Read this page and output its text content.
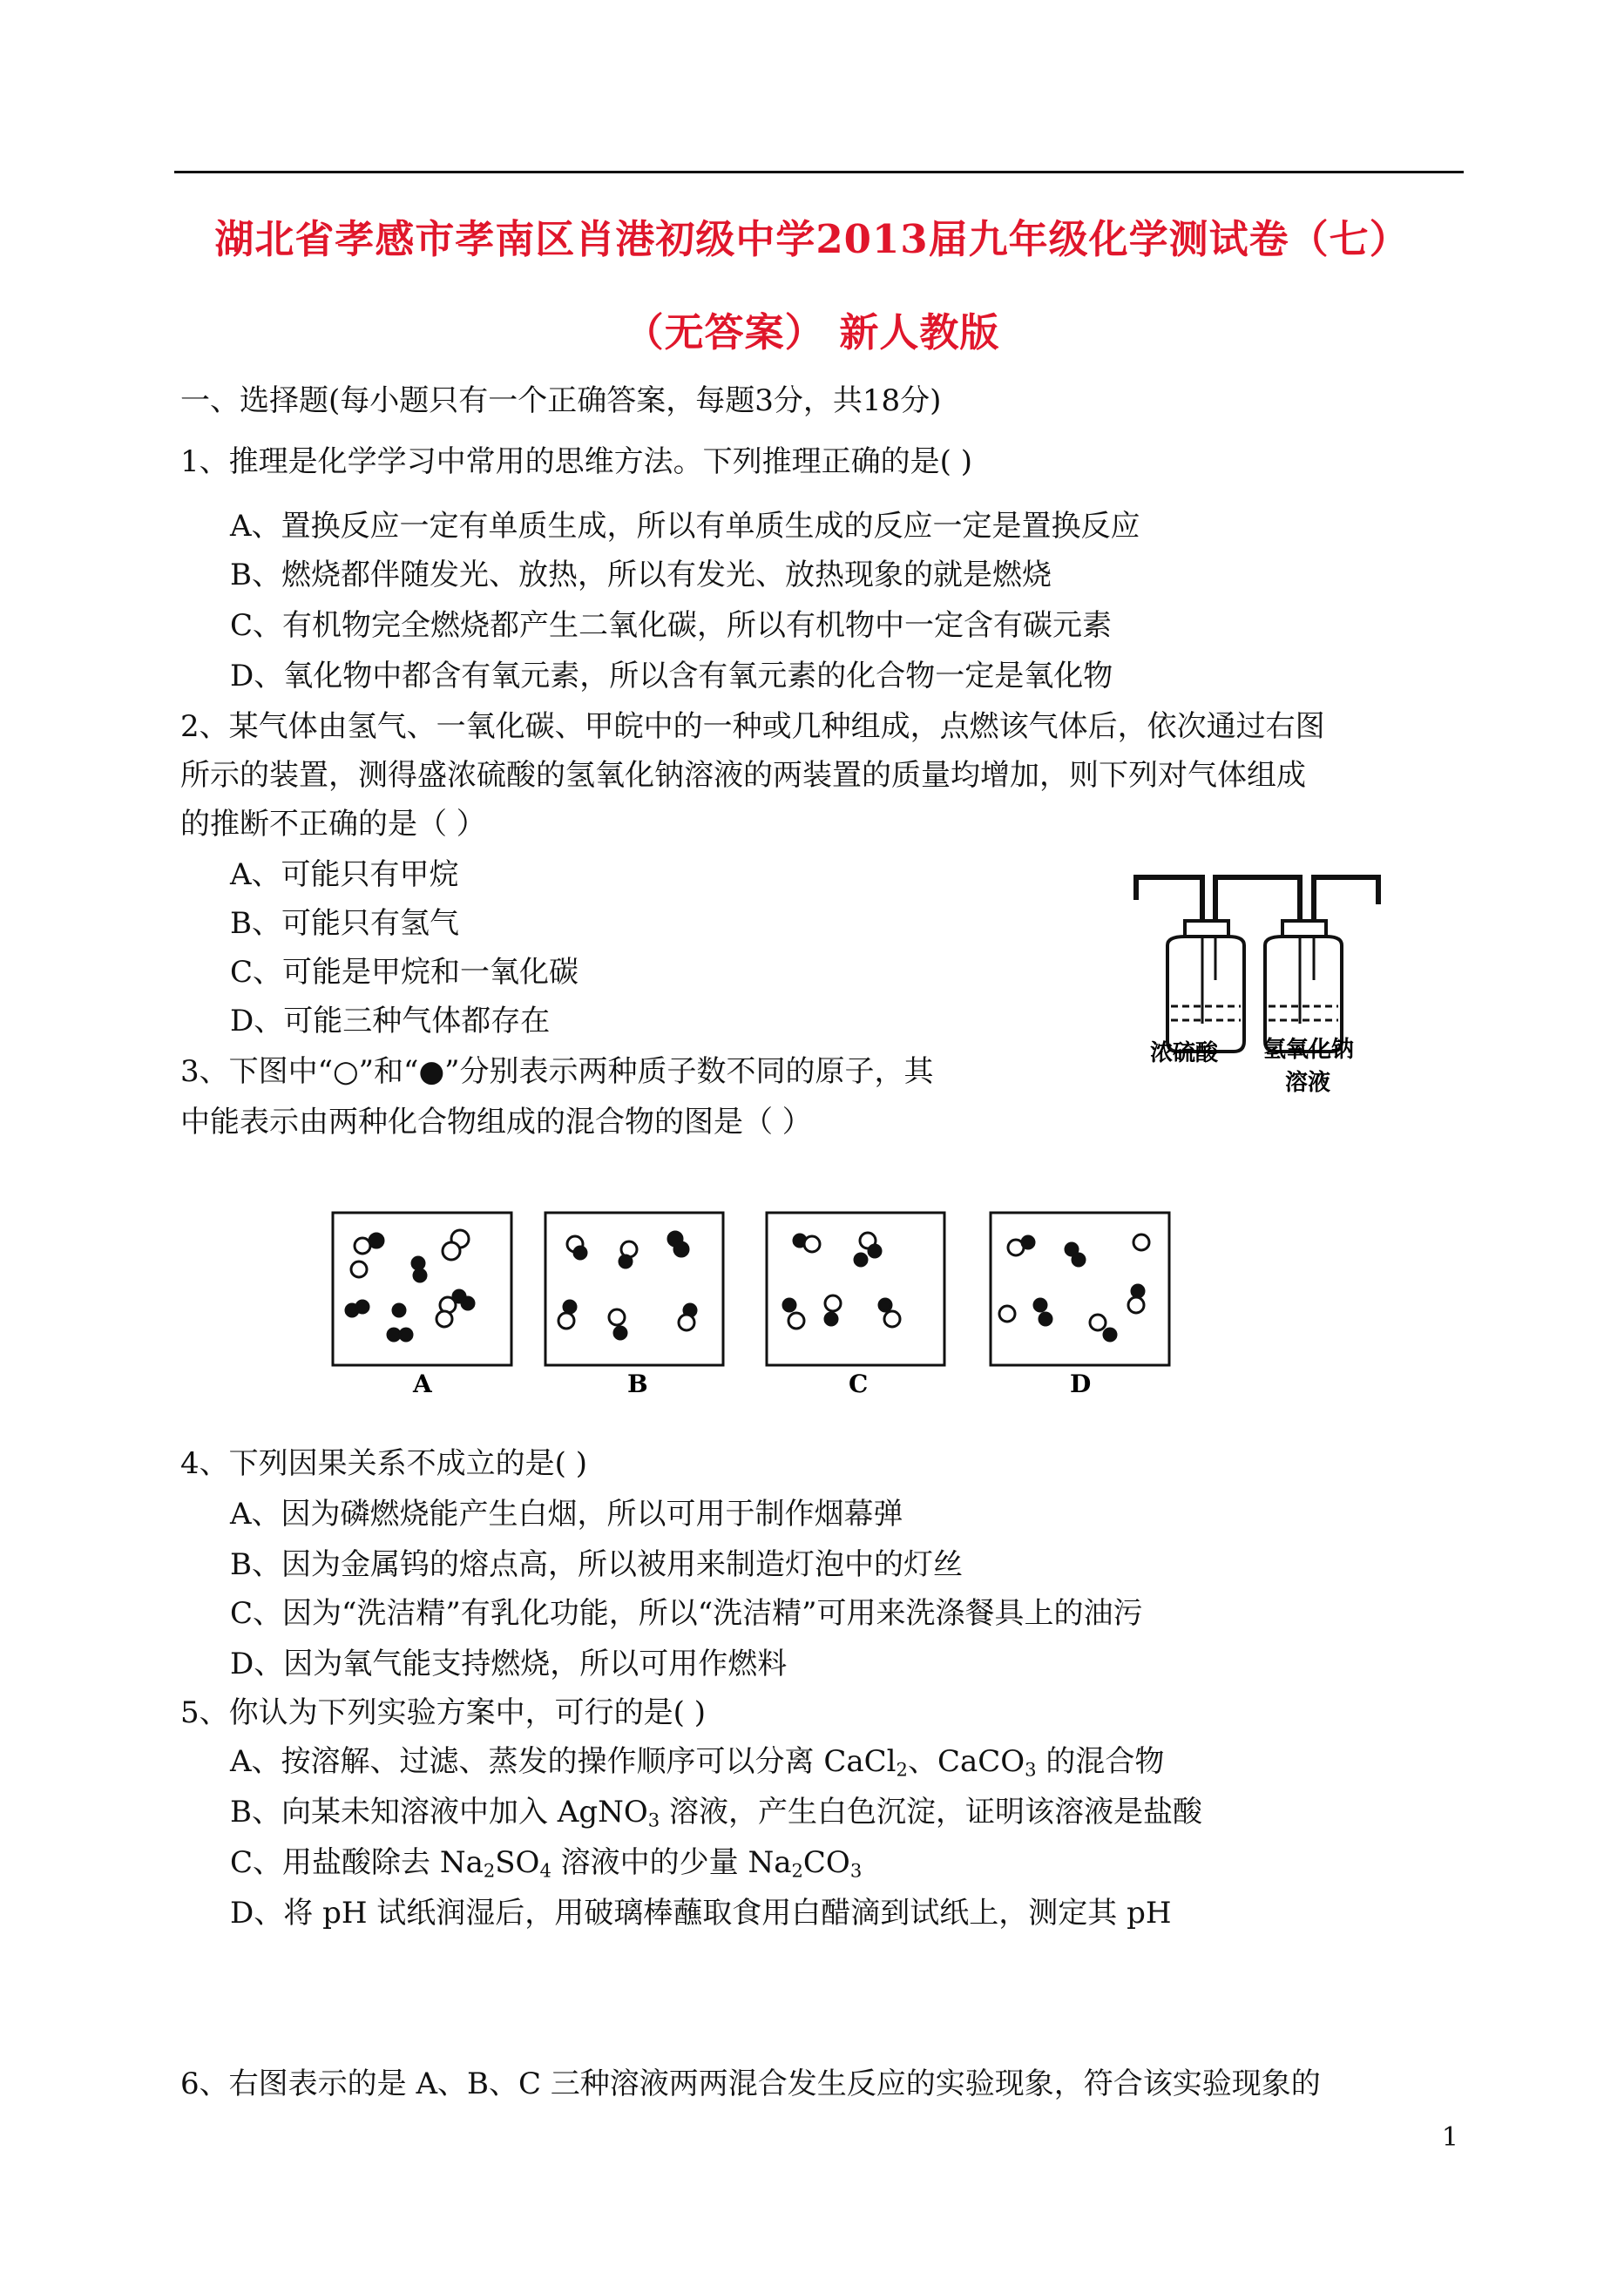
湖北省孝感市孝南区肖港初级中学2013届九年级化学测试卷（七）
（无答案） 新人教版
一、选择题(每小题只有一个正确答案，每题3分，共18分)
1、推理是化学学习中常用的思维方法。下列推理正确的是( )
A、置换反应一定有单质生成，所以有单质生成的反应一定是置换反应
B、燃烧都伴随发光、放热，所以有发光、放热现象的就是燃烧
C、有机物完全燃烧都产生二氧化碳，所以有机物中一定含有碳元素
D、氧化物中都含有氧元素，所以含有氧元素的化合物一定是氧化物
2、某气体由氢气、一氧化碳、甲皖中的一种或几种组成，点燃该气体后，依次通过右图
所示的装置，测得盛浓硫酸的氢氧化钠溶液的两装置的质量均增加，则下列对气体组成
的推断不正确的是（ ）
A、可能只有甲烷
B、可能只有氢气
C、可能是甲烷和一氧化碳
D、可能三种气体都存在
浓硫酸 氢氧化钠
溶液
3、下图中“○”和“●”分别表示两种质子数不同的原子，其
中能表示由两种化合物组成的混合物的图是（ ）
A	B	C	D
4、下列因果关系不成立的是( )
A、因为磷燃烧能产生白烟，所以可用于制作烟幕弹
B、因为金属钨的熔点高，所以被用来制造灯泡中的灯丝
C、因为“洗洁精”有乳化功能，所以“洗洁精”可用来洗涤餐具上的油污
D、因为氧气能支持燃烧，所以可用作燃料
5、你认为下列实验方案中，可行的是( )
A、按溶解、过滤、蒸发的操作顺序可以分离 CaCl$_2$、CaCO$_3$ 的混合物
B、向某未知溶液中加入 AgNO$_3$ 溶液，产生白色沉淀，证明该溶液是盐酸
C、用盐酸除去 $Na_2SO_4$ 溶液中的少量 $Na_2CO_3$
D、将 pH 试纸润湿后，用破璃棒蘸取食用白醋滴到试纸上，测定其 pH
6、右图表示的是 A、B、C 三种溶液两两混合发生反应的实验现象，符合该实验现象的
1
